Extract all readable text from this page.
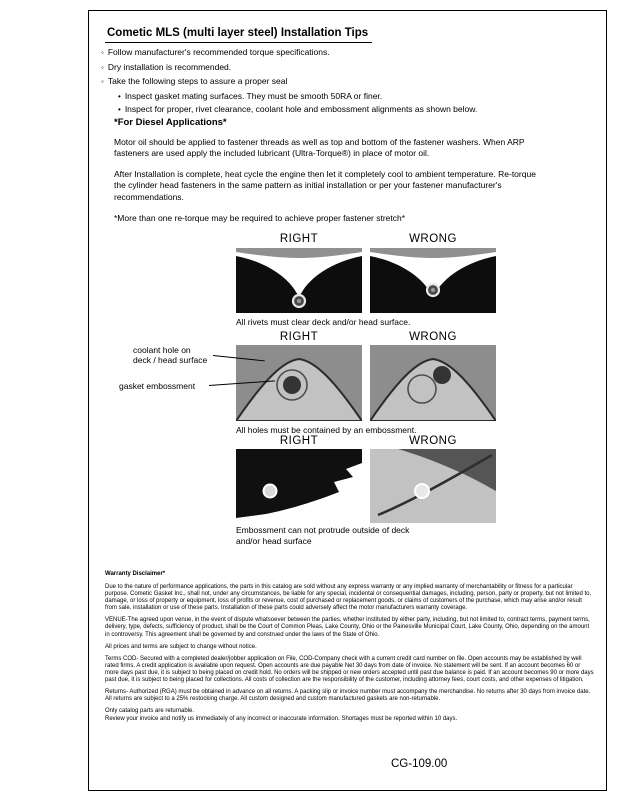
Cometic MLS (multi layer steel) Installation Tips
◦ Follow manufacturer's recommended torque specifications.
◦ Dry installation is recommended.
◦ Take the following steps to assure a proper seal
• Inspect gasket mating surfaces. They must be smooth 50RA or finer.
• Inspect for proper, rivet clearance, coolant hole and embossment alignments as shown below.

*For Diesel Applications*

Motor oil should be applied to fastener threads as well as top and bottom of the fastener washers. When ARP fasteners are used apply the included lubricant (Ultra-Torque®) in place of motor oil.

After Installation is complete, heat cycle the engine then let it completely cool to ambient temperature. Re-torque the cylinder head fasteners in the same pattern as initial installation or per your fastener manufacturer's recommendations.

*More than one re-torque may be required to achieve proper fastener stretch*

RIGHT	WRONG
All rivets must clear deck and/or head surface.
RIGHT	WRONG
coolant hole on
deck / head surface
gasket embossment
All holes must be contained by an embossment.
RIGHT	WRONG
Embossment can not protrude outside of deck
and/or head surface

Warranty Disclaimer*

Due to the nature of performance applications, the parts in this catalog are sold without any express warranty or any implied warranty of merchantability or fitness for a particular purpose. Cometic Gasket Inc., shall not, under any circumstances, be liable for any special, incidental or consequential damages, including, person, party or property, but not limited to, damage, or loss of property or equipment, loss of profits or revenue, cost of purchased or replacement goods, or claims of customers of the purchase, which may arise and/or result from sale, installation or use of these parts. Installation of these parts could adversely affect the motor manufacturers warranty coverage.

VENUE-The agreed upon venue, in the event of dispute whatsoever between the parties, whether instituted by either party, including, but not limited to, contract terms, payment terms, delivery, type, defects, sufficiency of product, shall be the Court of Common Pleas, Lake County, Ohio or the Painesville Municipal Court, Lake County, Ohio, depending on the amount in controversy. This agreement shall be governed by and construed under the laws of the State of Ohio.

All prices and terms are subject to change without notice.

Terms COD- Secured with a completed dealer/jobber application on File, COD-Company check with a current credit card number on file. Open accounts may be established by well rated firms. A credit application is available upon request. Open accounts are due payable Net 30 days from date of invoice. No statement will be sent. If an account becomes 60 or more days past due, it is subject to being placed on credit hold. No orders will be shipped or new orders accepted until past due balance is paid. If an account becomes 90 or more days past due, it is subject to being placed for collections. All costs of collection are the responsibility of the customer, including attorney fees, court costs, and other expenses of litigation.

Returns- Authorized (RGA) must be obtained in advance on all returns. A packing slip or invoice number must accompany the merchandise. No returns after 30 days from invoice date. All returns are subject to a 25% restocking charge. All custom designed and custom manufactured gaskets are non-returnable.

Only catalog parts are returnable.

Review your invoice and notify us immediately of any incorrect or inaccurate information. Shortages must be reported within 10 days.

CG-109.00
